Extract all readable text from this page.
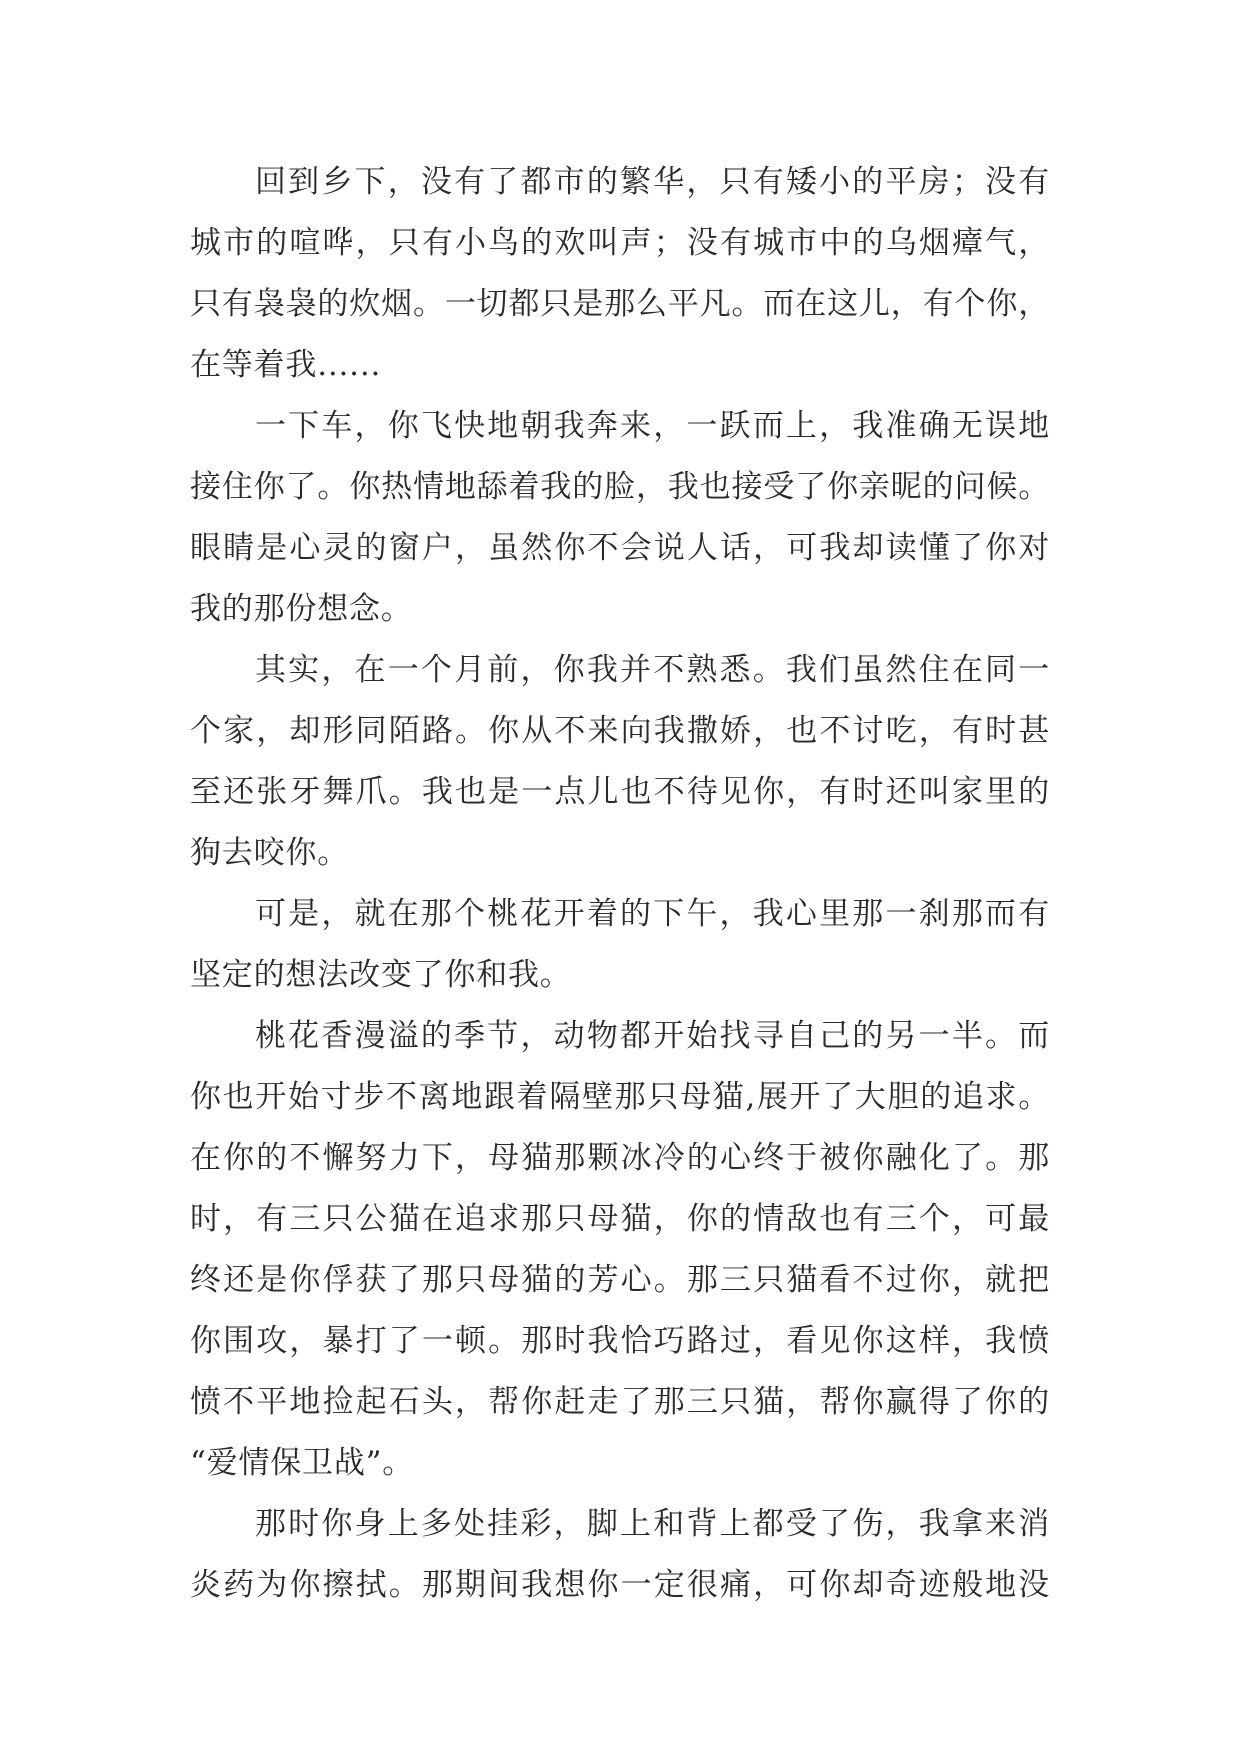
回到乡下，没有了都市的繁华，只有矮小的平房；没有
城市的喧哗，只有小鸟的欢叫声；没有城市中的乌烟瘴气，
只有袅袅的炊烟。一切都只是那么平凡。而在这儿，有个你，
在等着我......
一下车，你飞快地朝我奔来，一跃而上，我准确无误地
接住你了。你热情地舔着我的脸，我也接受了你亲昵的问候。
眼睛是心灵的窗户，虽然你不会说人话，可我却读懂了你对
我的那份想念。
其实，在一个月前，你我并不熟悉。我们虽然住在同一
个家，却形同陌路。你从不来向我撒娇，也不讨吃，有时甚
至还张牙舞爪。我也是一点儿也不待见你，有时还叫家里的
狗去咬你。
可是，就在那个桃花开着的下午，我心里那一刹那而有
坚定的想法改变了你和我。
桃花香漫溢的季节，动物都开始找寻自己的另一半。而
你也开始寸步不离地跟着隔壁那只母猫,展开了大胆的追求。
在你的不懈努力下，母猫那颗冰冷的心终于被你融化了。那
时，有三只公猫在追求那只母猫，你的情敌也有三个，可最
终还是你俘获了那只母猫的芳心。那三只猫看不过你，就把
你围攻，暴打了一顿。那时我恰巧路过，看见你这样，我愤
愤不平地捡起石头，帮你赶走了那三只猫，帮你赢得了你的
“爱情保卫战”。
那时你身上多处挂彩，脚上和背上都受了伤，我拿来消
炎药为你擦拭。那期间我想你一定很痛，可你却奇迹般地没
